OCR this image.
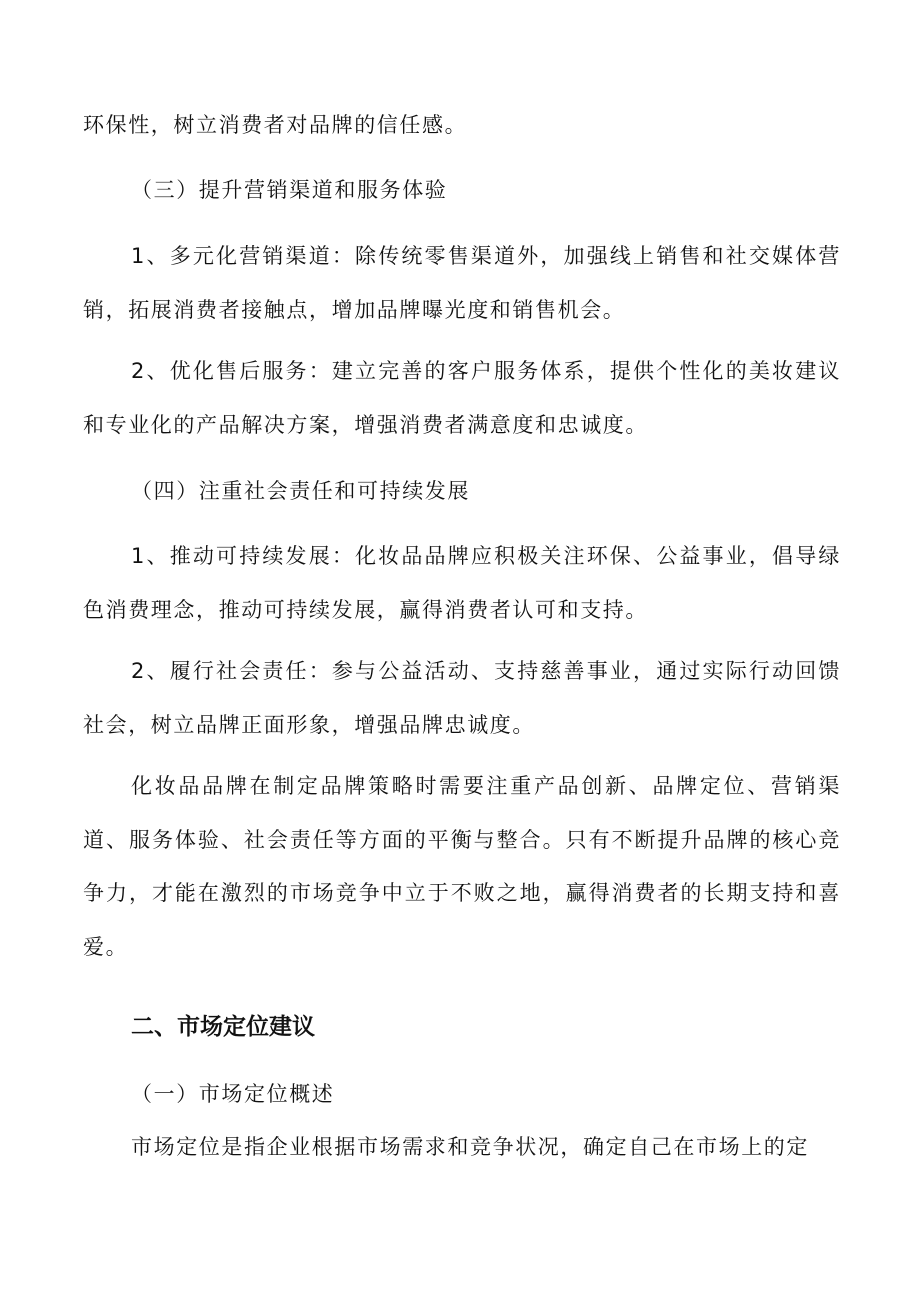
环保性，树立消费者对品牌的信任感。

（三）提升营销渠道和服务体验

1、多元化营销渠道：除传统零售渠道外，加强线上销售和社交媒体营销，拓展消费者接触点，增加品牌曝光度和销售机会。

2、优化售后服务：建立完善的客户服务体系，提供个性化的美妆建议和专业化的产品解决方案，增强消费者满意度和忠诚度。

（四）注重社会责任和可持续发展

1、推动可持续发展：化妆品品牌应积极关注环保、公益事业，倡导绿色消费理念，推动可持续发展，赢得消费者认可和支持。

2、履行社会责任：参与公益活动、支持慈善事业，通过实际行动回馈社会，树立品牌正面形象，增强品牌忠诚度。

化妆品品牌在制定品牌策略时需要注重产品创新、品牌定位、营销渠道、服务体验、社会责任等方面的平衡与整合。只有不断提升品牌的核心竞争力，才能在激烈的市场竞争中立于不败之地，赢得消费者的长期支持和喜爱。

二、市场定位建议

（一）市场定位概述

市场定位是指企业根据市场需求和竞争状况，确定自己在市场上的定
